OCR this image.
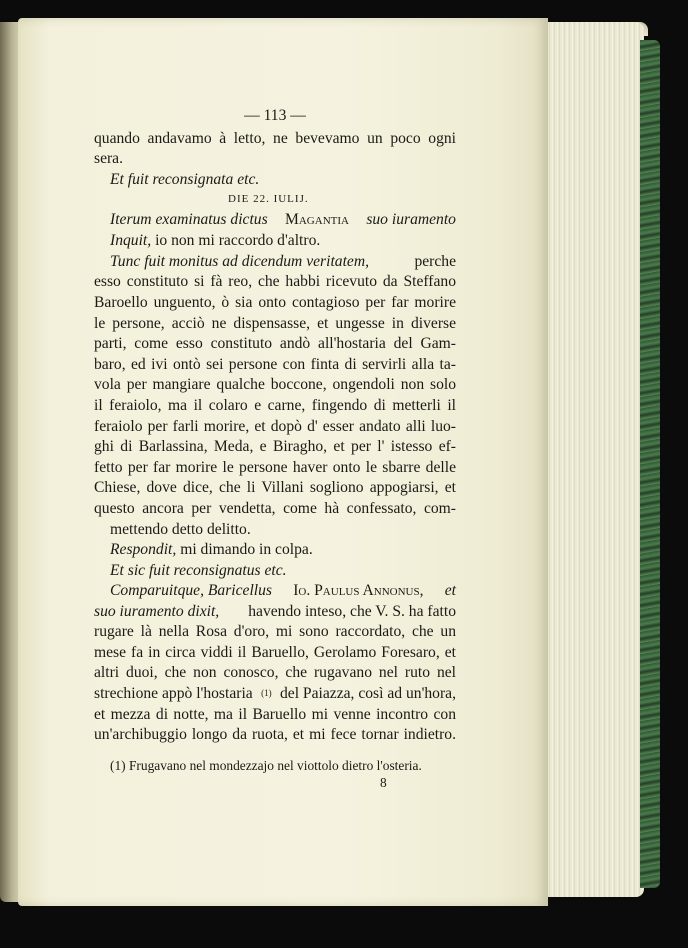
— 113 —
quando andavamo à letto, ne bevevamo un poco ogni
sera.
Et fuit reconsignata etc.
DIE 22. IULIJ.
Iterum examinatus dictus Magantia suo iuramento
Inquit, io non mi raccordo d'altro.
Tunc fuit monitus ad dicendum veritatem,	perche
esso constituto si fà reo, che habbi ricevuto da Steffano
Baroello unguento, ò sia onto contagioso per far morire
le persone, acciò ne dispensasse, et ungesse in diverse
parti, come esso constituto andò all'hostaria del Gam-
baro, ed ivi ontò sei persone con finta di servirli alla ta-
vola per mangiare qualche boccone, ongendoli non solo
il feraiolo, ma il colaro e carne, fingendo di metterli il
feraiolo per farli morire, et dopò d' esser andato alli luo-
ghi di Barlassina, Meda, e Biragho, et per l' istesso ef-
fetto per far morire le persone haver onto le sbarre delle
Chiese, dove dice, che li Villani sogliono appogiarsi, et
questo ancora per vendetta, come hà confessato, com-
mettendo detto delitto.
Respondit, mi dimando in colpa.
Et sic fuit reconsignatus etc.
Comparuitque, Baricellus Io. Paulus Annonus, et
suo iuramento dixit, havendo inteso, che V. S. ha fatto
rugare là nella Rosa d'oro, mi sono raccordato, che un
mese fa in circa viddi il Baruello, Gerolamo Foresaro, et
altri duoi, che non conosco, che rugavano nel ruto nel
strechione appò l'hostaria (1) del Paiazza, così ad un'hora,
et mezza di notte, ma il Baruello mi venne incontro con
un'archibuggio longo da ruota, et mi fece tornar indietro.
(1) Frugavano nel mondezzajo nel viottolo dietro l'osteria.
8
